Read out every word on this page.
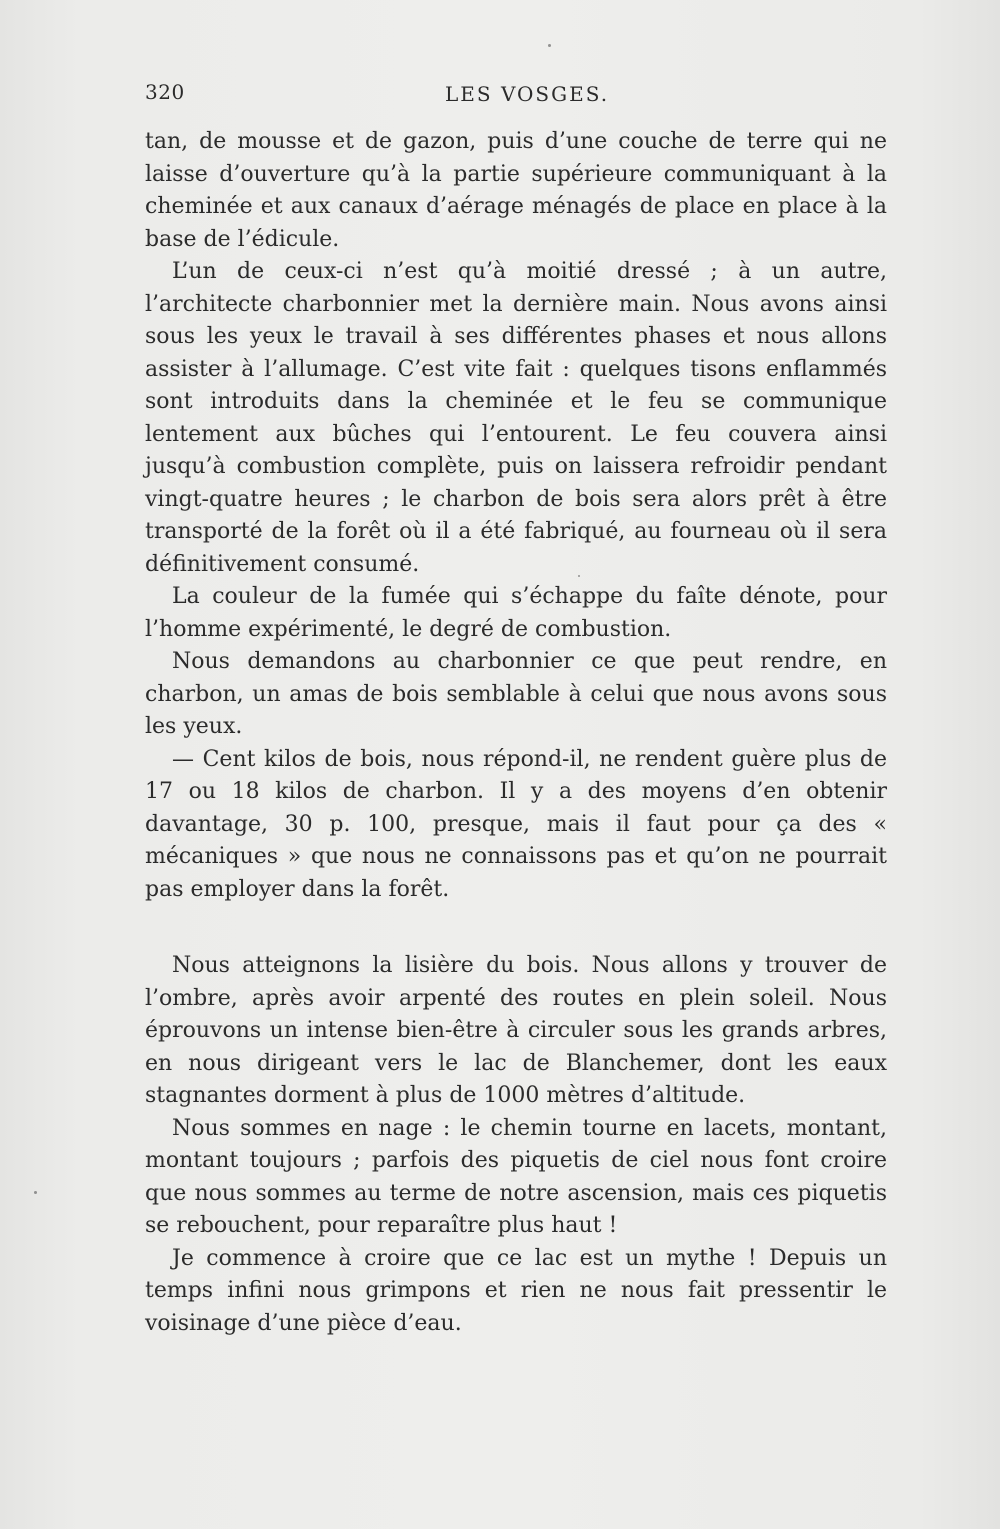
320	LES VOSGES.

tan, de mousse et de gazon, puis d’une couche de terre qui ne laisse d’ouverture qu’à la partie supérieure communiquant à la cheminée et aux canaux d’aérage ménagés de place en place à la base de l’édicule.

L’un de ceux-ci n’est qu’à moitié dressé ; à un autre, l’architecte charbonnier met la dernière main. Nous avons ainsi sous les yeux le travail à ses différentes phases et nous allons assister à l’allumage. C’est vite fait : quelques tisons enflammés sont introduits dans la cheminée et le feu se communique lentement aux bûches qui l’entourent. Le feu couvera ainsi jusqu’à combustion complète, puis on laissera refroidir pendant vingt-quatre heures ; le charbon de bois sera alors prêt à être transporté de la forêt où il a été fabriqué, au fourneau où il sera définitivement consumé.

La couleur de la fumée qui s’échappe du faîte dénote, pour l’homme expérimenté, le degré de combustion.

Nous demandons au charbonnier ce que peut rendre, en charbon, un amas de bois semblable à celui que nous avons sous les yeux.

— Cent kilos de bois, nous répond-il, ne rendent guère plus de 17 ou 18 kilos de charbon. Il y a des moyens d’en obtenir davantage, 30 p. 100, presque, mais il faut pour ça des « mécaniques » que nous ne connaissons pas et qu’on ne pourrait pas employer dans la forêt.

Nous atteignons la lisière du bois. Nous allons y trouver de l’ombre, après avoir arpenté des routes en plein soleil. Nous éprouvons un intense bien-être à circuler sous les grands arbres, en nous dirigeant vers le lac de Blanchemer, dont les eaux stagnantes dorment à plus de 1000 mètres d’altitude.

Nous sommes en nage : le chemin tourne en lacets, montant, montant toujours ; parfois des piquetis de ciel nous font croire que nous sommes au terme de notre ascension, mais ces piquetis se rebouchent, pour reparaître plus haut !

Je commence à croire que ce lac est un mythe ! Depuis un temps infini nous grimpons et rien ne nous fait pressentir le voisinage d’une pièce d’eau.
